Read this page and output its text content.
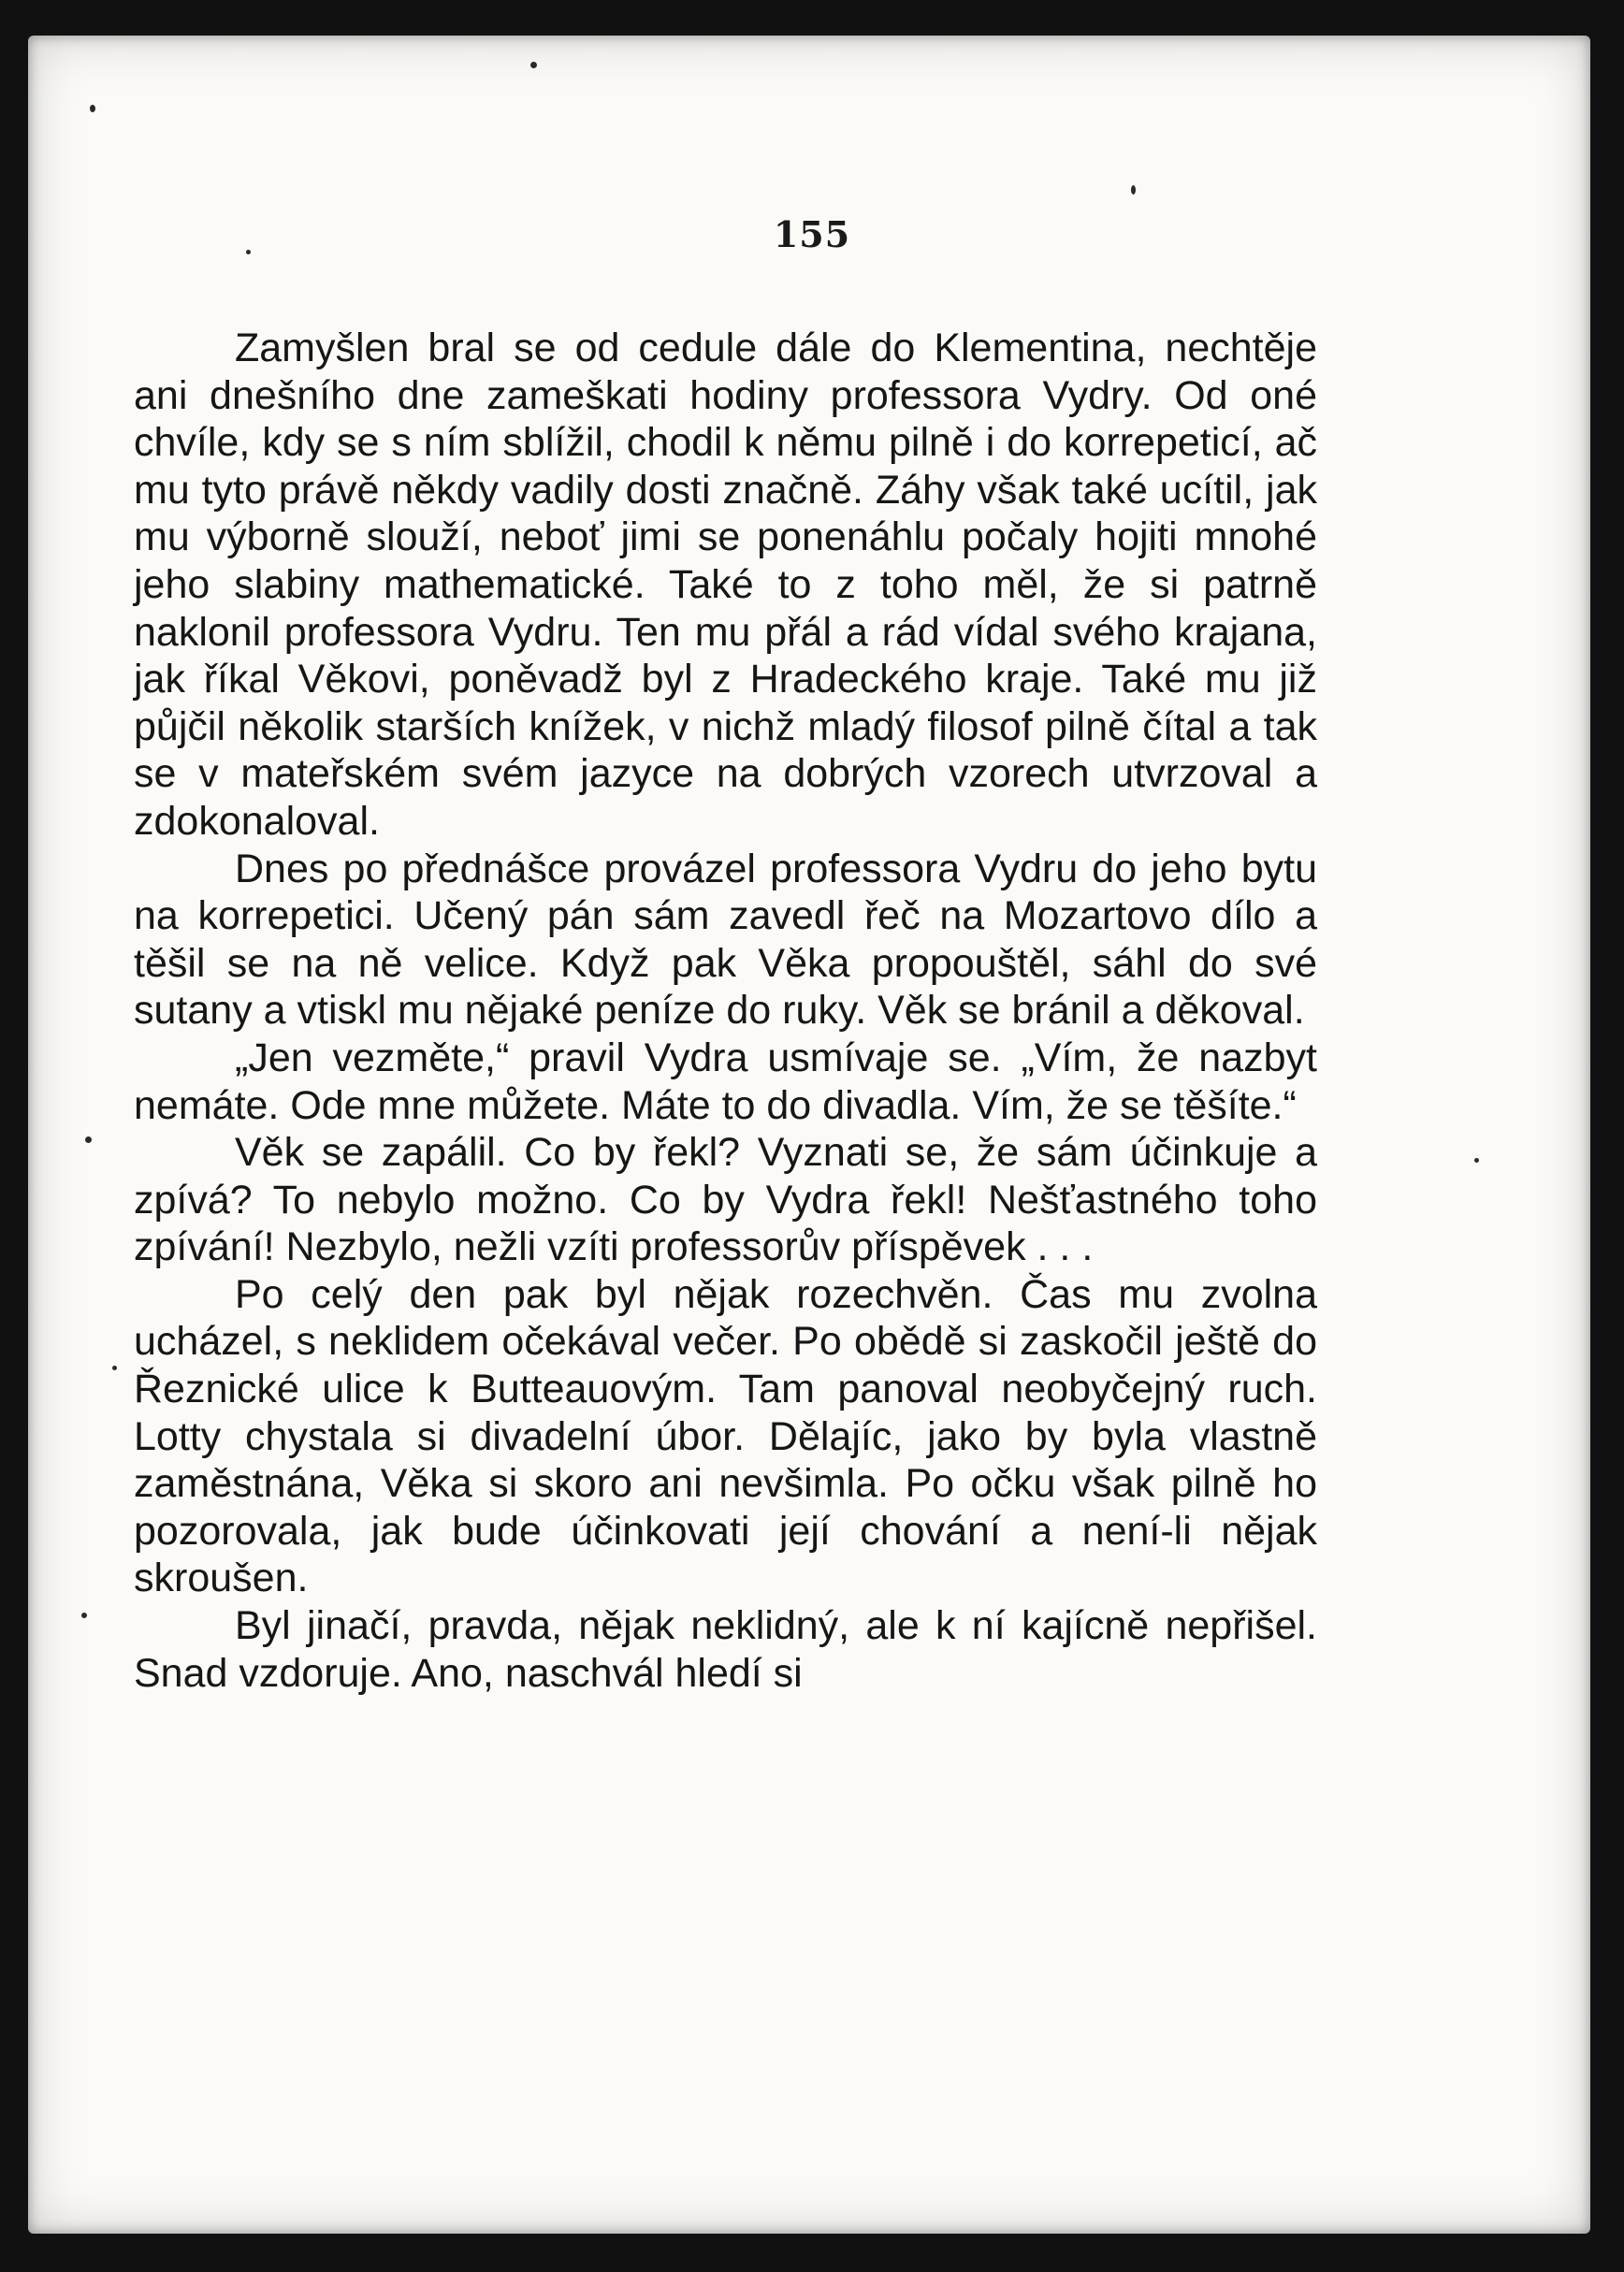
155

Zamyšlen bral se od cedule dále do Klementina, nechtěje ani dnešního dne zameškati hodiny professora Vydry. Od oné chvíle, kdy se s ním sblížil, chodil k němu pilně i do korrepeticí, ač mu tyto právě někdy vadily dosti značně. Záhy však také ucítil, jak mu výborně slouží, neboť jimi se ponenáhlu počaly hojiti mnohé jeho slabiny mathematické. Také to z toho měl, že si patrně naklonil professora Vydru. Ten mu přál a rád vídal svého krajana, jak říkal Věkovi, poněvadž byl z Hradeckého kraje. Také mu již půjčil několik starších knížek, v nichž mladý filosof pilně čítal a tak se v mateřském svém jazyce na dobrých vzorech utvrzoval a zdokonaloval.

Dnes po přednášce provázel professora Vydru do jeho bytu na korrepetici. Učený pán sám zavedl řeč na Mozartovo dílo a těšil se na ně velice. Když pak Věka propouštěl, sáhl do své sutany a vtiskl mu nějaké peníze do ruky. Věk se bránil a děkoval.

„Jen vezměte,“ pravil Vydra usmívaje se. „Vím, že nazbyt nemáte. Ode mne můžete. Máte to do divadla. Vím, že se těšíte.“

Věk se zapálil. Co by řekl? Vyznati se, že sám účinkuje a zpívá? To nebylo možno. Co by Vydra řekl! Nešťastného toho zpívání! Nezbylo, nežli vzíti professorův příspěvek . . .

Po celý den pak byl nějak rozechvěn. Čas mu zvolna ucházel, s neklidem očekával večer. Po obědě si zaskočil ještě do Řeznické ulice k Butteauovým. Tam panoval neobyčejný ruch. Lotty chystala si divadelní úbor. Dělajíc, jako by byla vlastně zaměstnána, Věka si skoro ani nevšimla. Po očku však pilně ho pozorovala, jak bude účinkovati její chování a není-li nějak skroušen.

Byl jinačí, pravda, nějak neklidný, ale k ní kajícně nepřišel. Snad vzdoruje. Ano, naschvál hledí si
